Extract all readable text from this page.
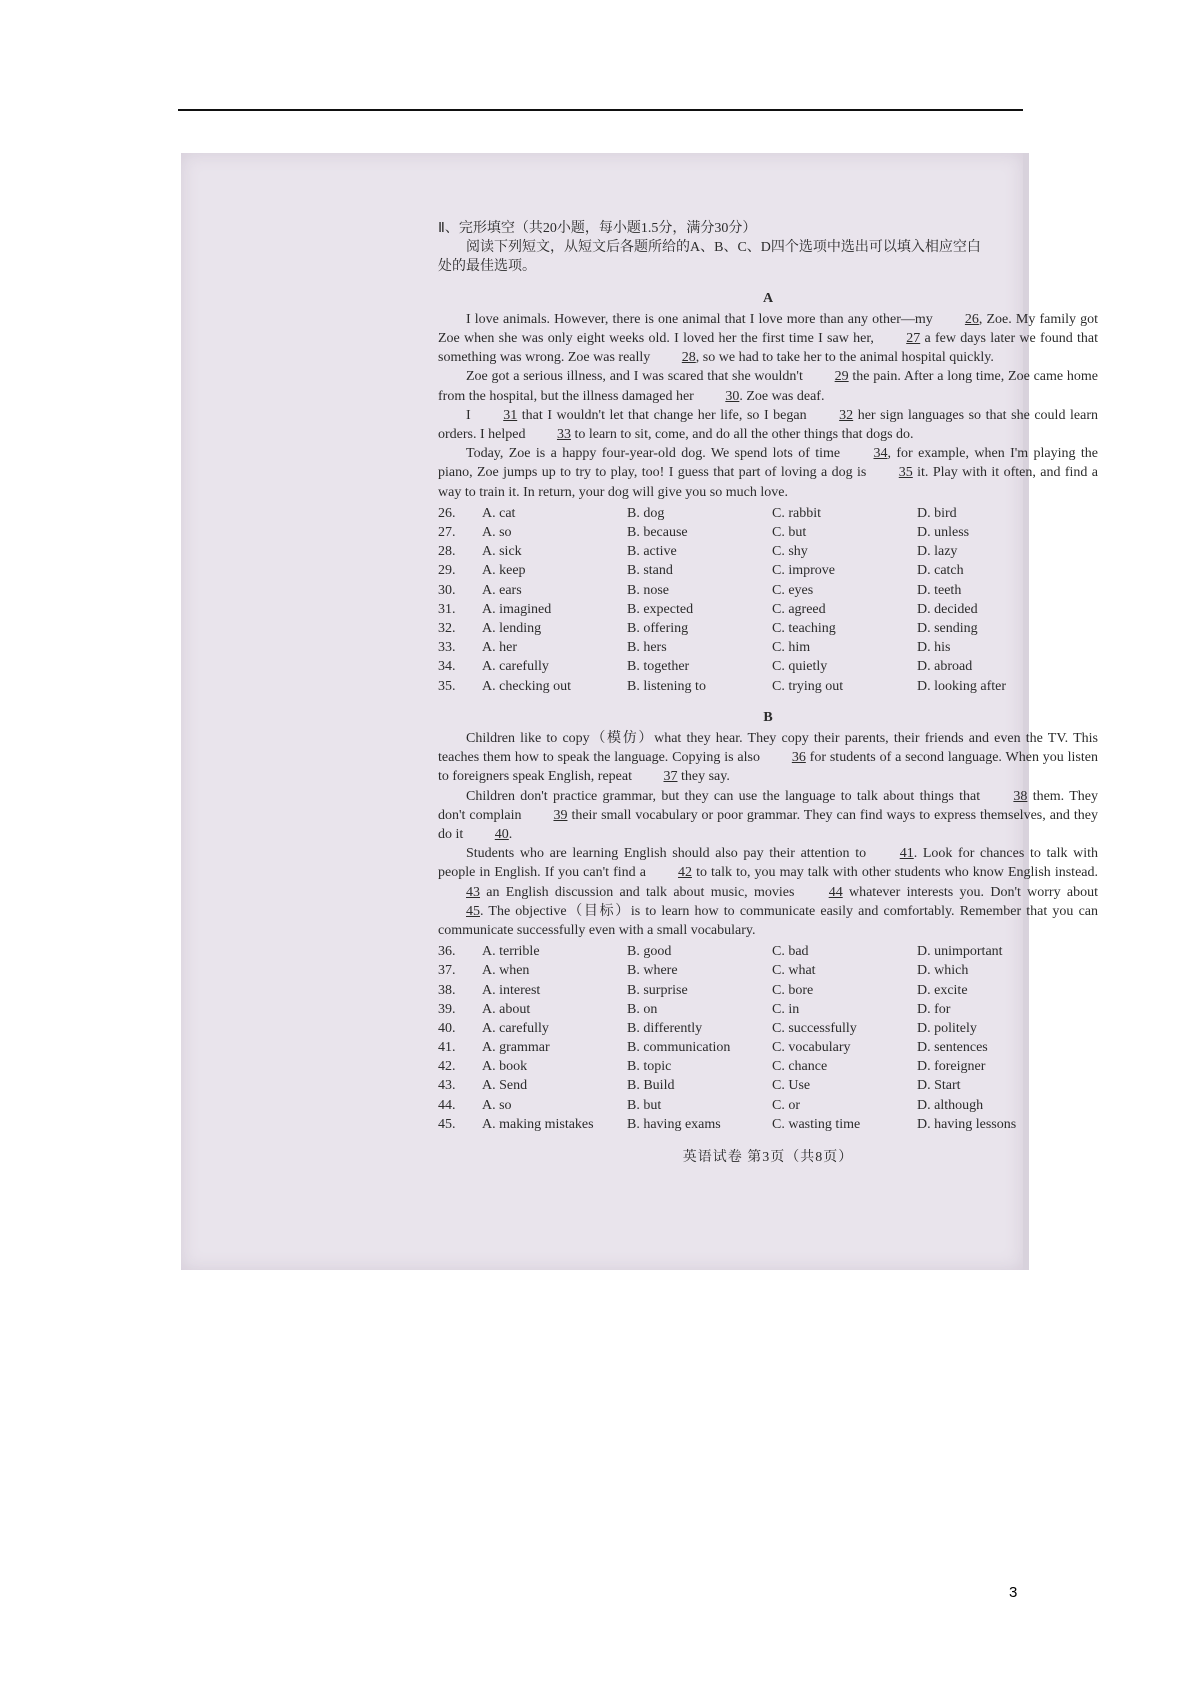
Ⅱ、完形填空（共20小题，每小题1.5分，满分30分）

阅读下列短文，从短文后各题所给的A、B、C、D四个选项中选出可以填入相应空白

处的最佳选项。

A

I love animals. However, there is one animal that I love more than any other—my 26, Zoe. My family got Zoe when she was only eight weeks old. I loved her the first time I saw her, 27 a few days later we found that something was wrong. Zoe was really 28, so we had to take her to the animal hospital quickly.

Zoe got a serious illness, and I was scared that she wouldn't 29 the pain. After a long time, Zoe came home from the hospital, but the illness damaged her 30. Zoe was deaf.

I 31 that I wouldn't let that change her life, so I began 32 her sign languages so that she could learn orders. I helped 33 to learn to sit, come, and do all the other things that dogs do.

Today, Zoe is a happy four-year-old dog. We spend lots of time 34, for example, when I'm playing the piano, Zoe jumps up to try to play, too! I guess that part of loving a dog is 35 it. Play with it often, and find a way to train it. In return, your dog will give you so much love.

26.	A. cat	B. dog	C. rabbit	D. bird
27.	A. so	B. because	C. but	D. unless
28.	A. sick	B. active	C. shy	D. lazy
29.	A. keep	B. stand	C. improve	D. catch
30.	A. ears	B. nose	C. eyes	D. teeth
31.	A. imagined	B. expected	C. agreed	D. decided
32.	A. lending	B. offering	C. teaching	D. sending
33.	A. her	B. hers	C. him	D. his
34.	A. carefully	B. together	C. quietly	D. abroad
35.	A. checking out	B. listening to	C. trying out	D. looking after
B

Children like to copy（模仿）what they hear. They copy their parents, their friends and even the TV. This teaches them how to speak the language. Copying is also 36 for students of a second language. When you listen to foreigners speak English, repeat 37 they say.

Children don't practice grammar, but they can use the language to talk about things that 38 them. They don't complain 39 their small vocabulary or poor grammar. They can find ways to express themselves, and they do it 40.

Students who are learning English should also pay their attention to 41. Look for chances to talk with people in English. If you can't find a 42 to talk to, you may talk with other students who know English instead. 43 an English discussion and talk about music, movies 44 whatever interests you. Don't worry about 45. The objective（目标）is to learn how to communicate easily and comfortably. Remember that you can communicate successfully even with a small vocabulary.

36.	A. terrible	B. good	C. bad	D. unimportant
37.	A. when	B. where	C. what	D. which
38.	A. interest	B. surprise	C. bore	D. excite
39.	A. about	B. on	C. in	D. for
40.	A. carefully	B. differently	C. successfully	D. politely
41.	A. grammar	B. communication	C. vocabulary	D. sentences
42.	A. book	B. topic	C. chance	D. foreigner
43.	A. Send	B. Build	C. Use	D. Start
44.	A. so	B. but	C. or	D. although
45.	A. making mistakes	B. having exams	C. wasting time	D. having lessons
英语试卷 第3页（共8页）
3
